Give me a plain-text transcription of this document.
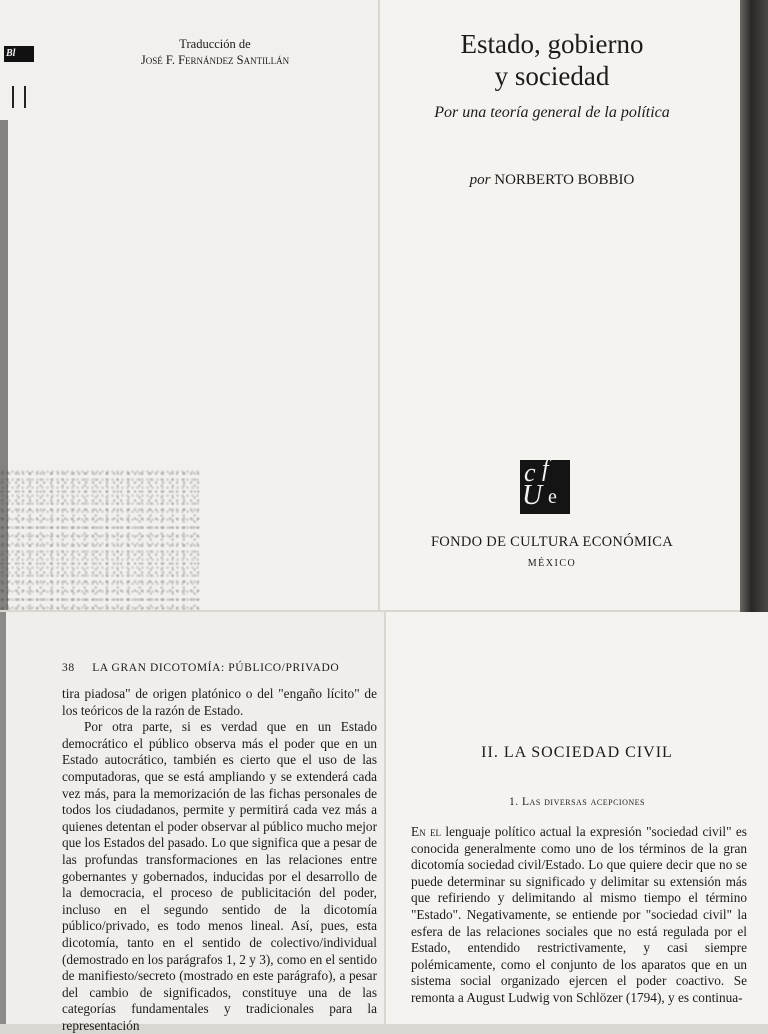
Bl
Traducción de
José F. Fernández Santillán
Estado, gobierno
y sociedad
Por una teoría general de la política
por NORBERTO BOBBIO
c f
U e
FONDO DE CULTURA ECONÓMICA
MÉXICO
38 LA GRAN DICOTOMÍA: PÚBLICO/PRIVADO

tira piadosa" de origen platónico o del "engaño lícito" de los teóricos de la razón de Estado.

Por otra parte, si es verdad que en un Estado democrático el público observa más el poder que en un Estado autocrático, también es cierto que el uso de las computadoras, que se está ampliando y se extenderá cada vez más, para la memorización de las fichas personales de todos los ciudadanos, permite y permitirá cada vez más a quienes detentan el poder observar al público mucho mejor que los Estados del pasado. Lo que significa que a pesar de las profundas transformaciones en las relaciones entre gobernantes y gobernados, inducidas por el desarrollo de la democracia, el proceso de publicitación del poder, incluso en el segundo sentido de la dicotomía público/privado, es todo menos lineal. Así, pues, esta dicotomía, tanto en el sentido de colectivo/individual (demostrado en los parágrafos 1, 2 y 3), como en el sentido de manifiesto/secreto (mostrado en este parágrafo), a pesar del cambio de significados, constituye una de las categorías fundamentales y tradicionales para la representación

II. LA SOCIEDAD CIVIL
1. Las diversas acepciones

En el lenguaje político actual la expresión "sociedad civil" es conocida generalmente como uno de los términos de la gran dicotomía sociedad civil/Estado. Lo que quiere decir que no se puede determinar su significado y delimitar su extensión más que refiriendo y delimitando al mismo tiempo el término "Estado". Negativamente, se entiende por "sociedad civil" la esfera de las relaciones sociales que no está regulada por el Estado, entendido restrictivamente, y casi siempre polémicamente, como el conjunto de los aparatos que en un sistema social organizado ejercen el poder coactivo. Se remonta a August Ludwig von Schlözer (1794), y es continua-
